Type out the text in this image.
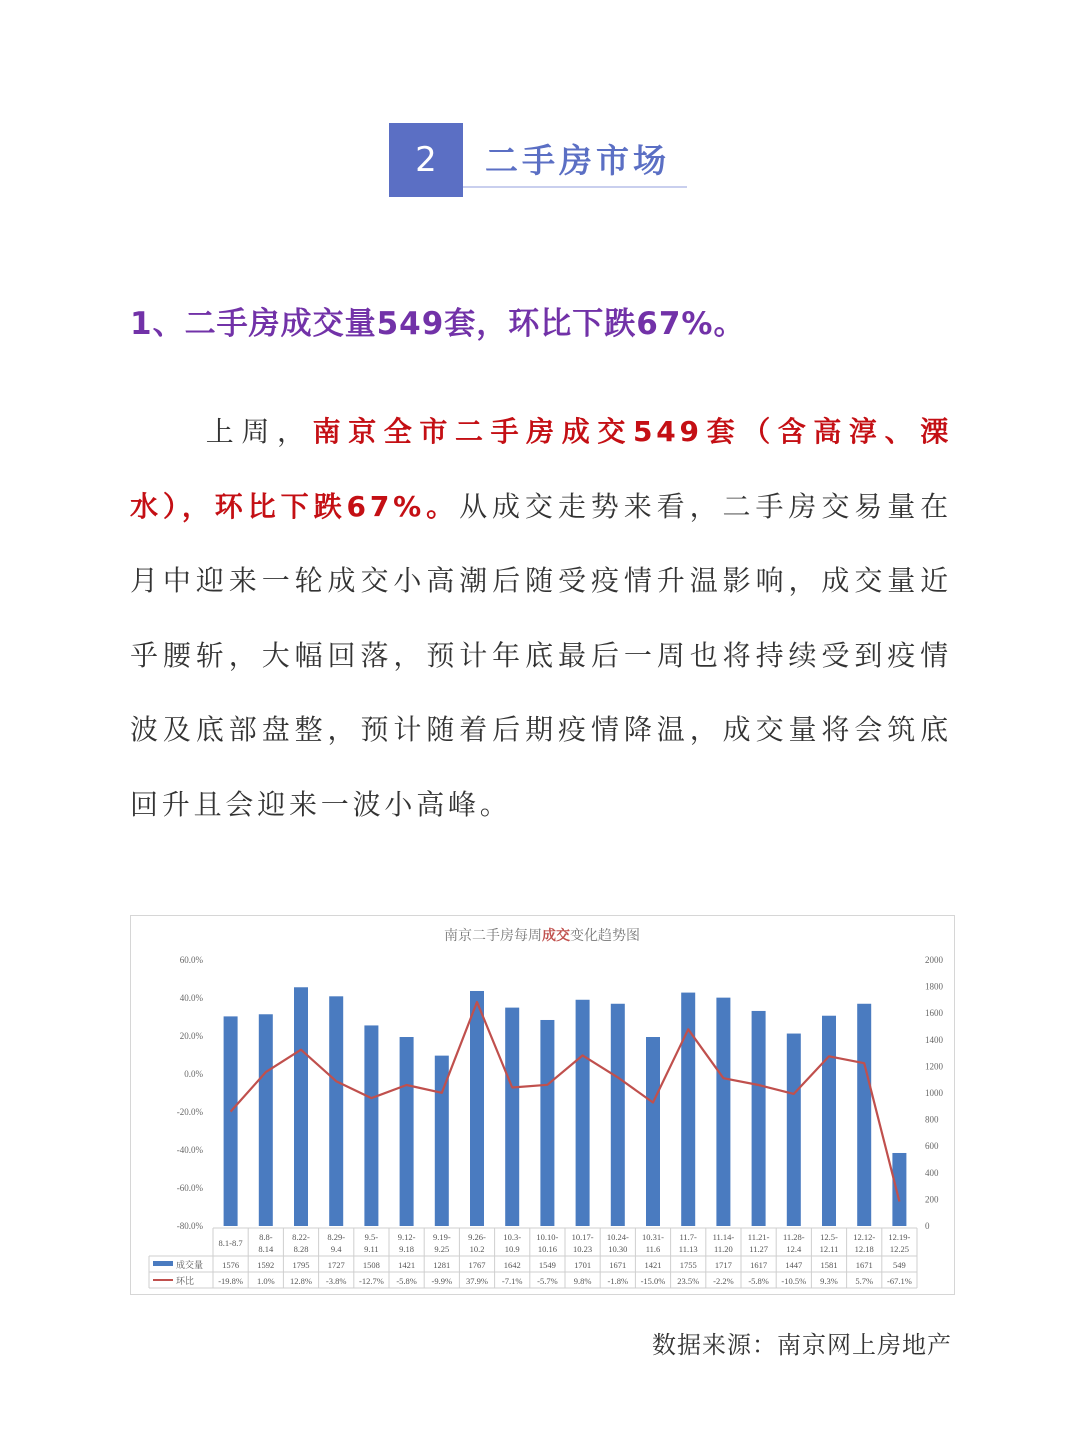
2	二手房市场
1、二手房成交量549套，环比下跌67%。
上周，南京全市二手房成交549套（含高淳、溧水），环比下跌67%。从成交走势来看，二手房交易量在月中迎来一轮成交小高潮后随受疫情升温影响，成交量近乎腰斩，大幅回落，预计年底最后一周也将持续受到疫情波及底部盘整，预计随着后期疫情降温，成交量将会筑底回升且会迎来一波小高峰。
南京二手房每周成交变化趋势图
60.0%
40.0%
20.0%
0.0%
-20.0%
-40.0%
-60.0%
-80.0%
2000
1800
1600
1400
1200
1000
800
600
400
200
0
8.1-8.7
8.8-
8.14
8.22-
8.28
8.29-
9.4
9.5-
9.11
9.12-
9.18
9.19-
9.25
9.26-
10.2
10.3-
10.9
10.10-
10.16
10.17-
10.23
10.24-
10.30
10.31-
11.6
11.7-
11.13
11.14-
11.20
11.21-
11.27
11.28-
12.4
12.5-
12.11
12.12-
12.18
12.19-
12.25
成交量
环比
1576 1592 1795 1727 1508 1421 1281 1767 1642 1549 1701 1671 1421 1755 1717 1617 1447 1581 1671 549
-19.8% 1.0% 12.8% -3.8% -12.7% -5.8% -9.9% 37.9% -7.1% -5.7% 9.8% -1.8% -15.0% 23.5% -2.2% -5.8% -10.5% 9.3% 5.7% -67.1%
数据来源：南京网上房地产
